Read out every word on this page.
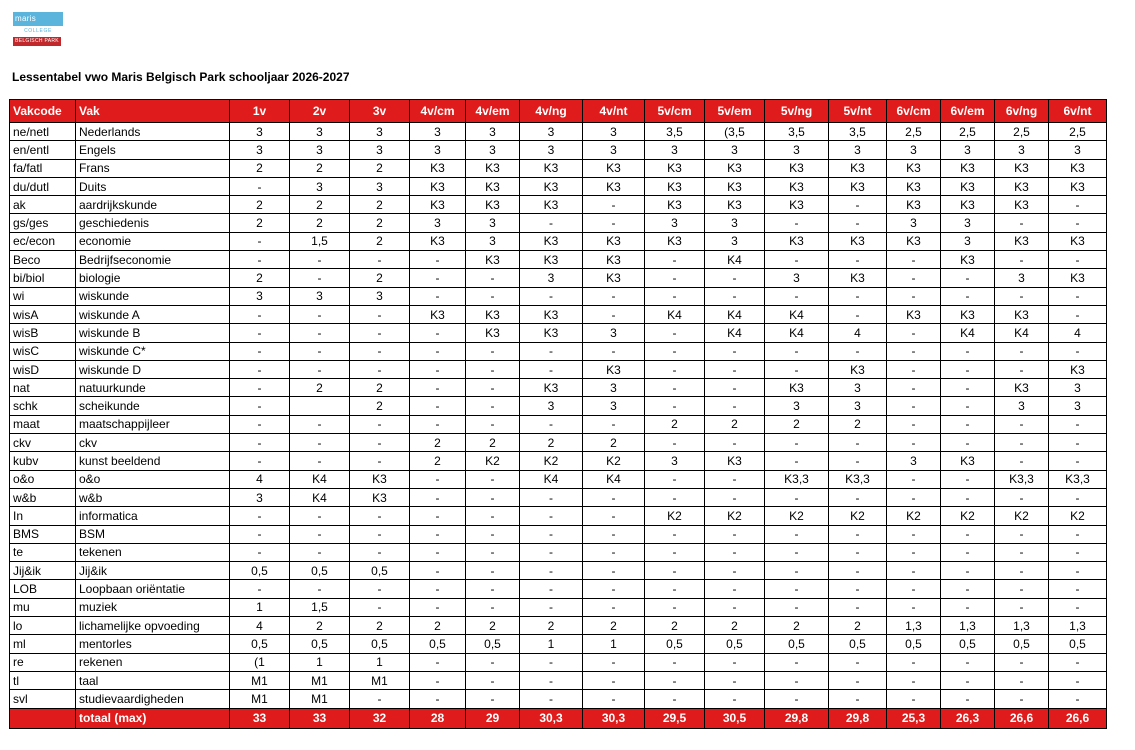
maris
COLLEGE
BELGISCH PARK
Lessentabel vwo Maris Belgisch Park schooljaar 2026-2027
Vakcode	Vak	1v	2v	3v	4v/cm	4v/em	4v/ng	4v/nt	5v/cm	5v/em	5v/ng	5v/nt	6v/cm	6v/em	6v/ng	6v/nt
ne/netl	Nederlands	3	3	3	3	3	3	3	3,5	(3,5	3,5	3,5	2,5	2,5	2,5	2,5
en/entl	Engels	3	3	3	3	3	3	3	3	3	3	3	3	3	3	3
fa/fatl	Frans	2	2	2	K3	K3	K3	K3	K3	K3	K3	K3	K3	K3	K3	K3
du/dutl	Duits	-	3	3	K3	K3	K3	K3	K3	K3	K3	K3	K3	K3	K3	K3
ak	aardrijkskunde	2	2	2	K3	K3	K3	-	K3	K3	K3	-	K3	K3	K3	-
gs/ges	geschiedenis	2	2	2	3	3	-	-	3	3	-	-	3	3	-	-
ec/econ	economie	-	1,5	2	K3	3	K3	K3	K3	3	K3	K3	K3	3	K3	K3
Beco	Bedrijfseconomie	-	-	-	-	K3	K3	K3	-	K4	-	-	-	K3	-	-
bi/biol	biologie	2	-	2	-	-	3	K3	-	-	3	K3	-	-	3	K3
wi	wiskunde	3	3	3	-	-	-	-	-	-	-	-	-	-	-	-
wisA	wiskunde A	-	-	-	K3	K3	K3	-	K4	K4	K4	-	K3	K3	K3	-
wisB	wiskunde B	-	-	-	-	K3	K3	3	-	K4	K4	4	-	K4	K4	4
wisC	wiskunde C*	-	-	-	-	-	-	-	-	-	-	-	-	-	-	-
wisD	wiskunde D	-	-	-	-	-	-	K3	-	-	-	K3	-	-	-	K3
nat	natuurkunde	-	2	2	-	-	K3	3	-	-	K3	3	-	-	K3	3
schk	scheikunde	-		2	-	-	3	3	-	-	3	3	-	-	3	3
maat	maatschappijleer	-	-	-	-	-	-	-	2	2	2	2	-	-	-	-
ckv	ckv	-	-	-	2	2	2	2	-	-	-	-	-	-	-	-
kubv	kunst beeldend	-	-	-	2	K2	K2	K2	3	K3	-	-	3	K3	-	-
o&o	o&o	4	K4	K3	-	-	K4	K4	-	-	K3,3	K3,3	-	-	K3,3	K3,3
w&b	w&b	3	K4	K3	-	-	-	-	-	-	-	-	-	-	-	-
In	informatica	-	-	-	-	-	-	-	K2	K2	K2	K2	K2	K2	K2	K2
BMS	BSM	-	-	-	-	-	-	-	-	-	-	-	-	-	-	-
te	tekenen	-	-	-	-	-	-	-	-	-	-	-	-	-	-	-
Jij&ik	Jij&ik	0,5	0,5	0,5	-	-	-	-	-	-	-	-	-	-	-	-
LOB	Loopbaan oriëntatie	-	-	-	-	-	-	-	-	-	-	-	-	-	-	-
mu	muziek	1	1,5	-	-	-	-	-	-	-	-	-	-	-	-	-
lo	lichamelijke opvoeding	4	2	2	2	2	2	2	2	2	2	2	1,3	1,3	1,3	1,3
ml	mentorles	0,5	0,5	0,5	0,5	0,5	1	1	0,5	0,5	0,5	0,5	0,5	0,5	0,5	0,5
re	rekenen	(1	1	1	-	-	-	-	-	-	-	-	-	-	-	-
tl	taal	M1	M1	M1	-	-	-	-	-	-	-	-	-	-	-	-
svl	studievaardigheden	M1	M1	-	-	-	-	-	-	-	-	-	-	-	-	-
	totaal (max)	33	33	32	28	29	30,3	30,3	29,5	30,5	29,8	29,8	25,3	26,3	26,6	26,6
